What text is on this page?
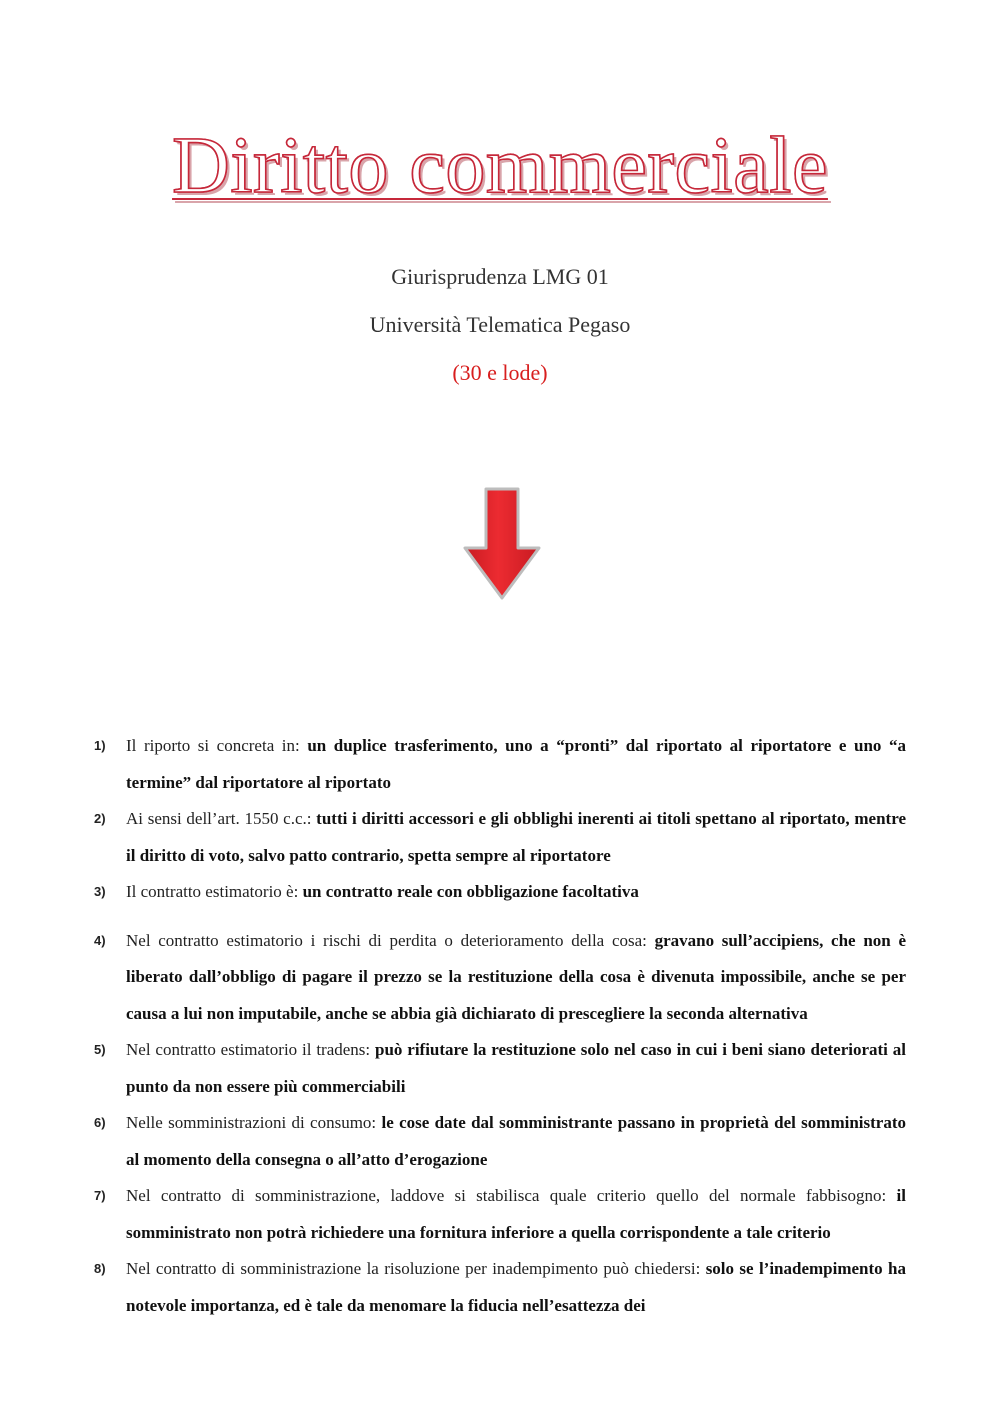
Diritto commerciale
Giurisprudenza LMG 01
Università Telematica Pegaso
(30 e lode)
1)	Il riporto si concreta in: un duplice trasferimento, uno a “pronti” dal riportato al riportatore e uno “a termine” dal riportatore al riportato
2)	Ai sensi dell’art. 1550 c.c.: tutti i diritti accessori e gli obblighi inerenti ai titoli spettano al riportato, mentre il diritto di voto, salvo patto contrario, spetta sempre al riportatore
3)	Il contratto estimatorio è: un contratto reale con obbligazione facoltativa
4)	Nel contratto estimatorio i rischi di perdita o deterioramento della cosa: gravano sull’accipiens, che non è liberato dall’obbligo di pagare il prezzo se la restituzione della cosa è divenuta impossibile, anche se per causa a lui non imputabile, anche se abbia già dichiarato di prescegliere la seconda alternativa
5)	Nel contratto estimatorio il tradens: può rifiutare la restituzione solo nel caso in cui i beni siano deteriorati al punto da non essere più commerciabili
6)	Nelle somministrazioni di consumo: le cose date dal somministrante passano in proprietà del somministrato al momento della consegna o all’atto d’erogazione
7)	Nel contratto di somministrazione, laddove si stabilisca quale criterio quello del normale fabbisogno: il somministrato non potrà richiedere una fornitura inferiore a quella corrispondente a tale criterio
8)	Nel contratto di somministrazione la risoluzione per inadempimento può chiedersi: solo se l’inadempimento ha notevole importanza, ed è tale da menomare la fiducia nell’esattezza dei
